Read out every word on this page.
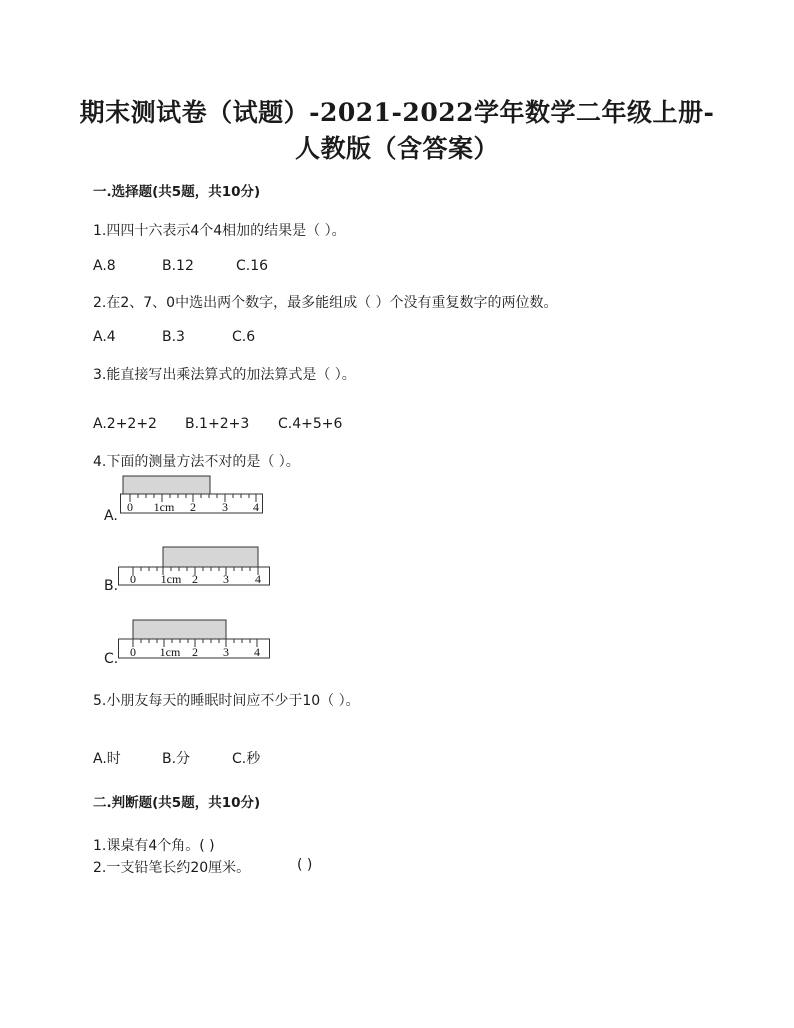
期末测试卷（试题）-2021-2022学年数学二年级上册-
人教版（含答案）
一.选择题(共5题，共10分)
1.四四十六表示4个4相加的结果是（ ）。
A.8	B.12	C.16
2.在2、7、0中选出两个数字，最多能组成（ ）个没有重复数字的两位数。
A.4	B.3	C.6
3.能直接写出乘法算式的加法算式是（ ）。
A.2+2+2 B.1+2+3 C.4+5+6
4.下面的测量方法不对的是（ ）。
A.
0 1cm 2 3 4
B. 0 1cm 2 3 4
C. 0 1cm 2 3 4
5.小朋友每天的睡眠时间应不少于10（ ）。
A.时	B.分	C.秒
二.判断题(共5题，共10分)
1.课桌有4个角。( )
2.一支铅笔长约20厘米。	( )
